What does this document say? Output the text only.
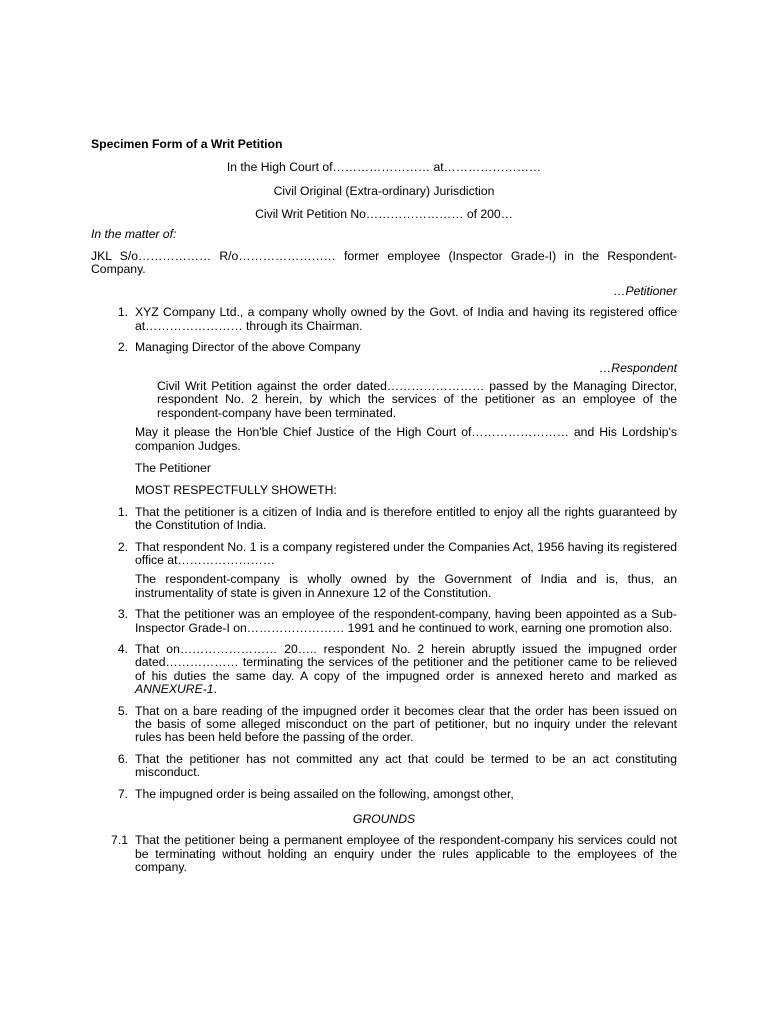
Specimen Form of a Writ Petition

In the High Court of…………………… at……………………

Civil Original (Extra-ordinary) Jurisdiction

Civil Writ Petition No…………………… of 200…

In the matter of:

JKL S/o……………… R/o…………………… former employee (Inspector Grade-I) in the Respondent-Company.

…Petitioner

1. XYZ Company Ltd., a company wholly owned by the Govt. of India and having its registered office at…………………… through its Chairman.
2. Managing Director of the above Company

…Respondent

Civil Writ Petition against the order dated…………………… passed by the Managing Director, respondent No. 2 herein, by which the services of the petitioner as an employee of the respondent-company have been terminated.

May it please the Hon'ble Chief Justice of the High Court of…………………… and His Lordship's companion Judges.

The Petitioner

MOST RESPECTFULLY SHOWETH:

1. That the petitioner is a citizen of India and is therefore entitled to enjoy all the rights guaranteed by the Constitution of India.
2. That respondent No. 1 is a company registered under the Companies Act, 1956 having its registered office at……………………

The respondent-company is wholly owned by the Government of India and is, thus, an instrumentality of state is given in Annexure 12 of the Constitution.

3. That the petitioner was an employee of the respondent-company, having been appointed as a Sub-Inspector Grade-I on…………………… 1991 and he continued to work, earning one promotion also.
4. That on…………………… 20….. respondent No. 2 herein abruptly issued the impugned order dated……………… terminating the services of the petitioner and the petitioner came to be relieved of his duties the same day. A copy of the impugned order is annexed hereto and marked as ANNEXURE-1.
5. That on a bare reading of the impugned order it becomes clear that the order has been issued on the basis of some alleged misconduct on the part of petitioner, but no inquiry under the relevant rules has been held before the passing of the order.
6. That the petitioner has not committed any act that could be termed to be an act constituting misconduct.
7. The impugned order is being assailed on the following, amongst other,

GROUNDS

7.1 That the petitioner being a permanent employee of the respondent-company his services could not be terminating without holding an enquiry under the rules applicable to the employees of the company.
